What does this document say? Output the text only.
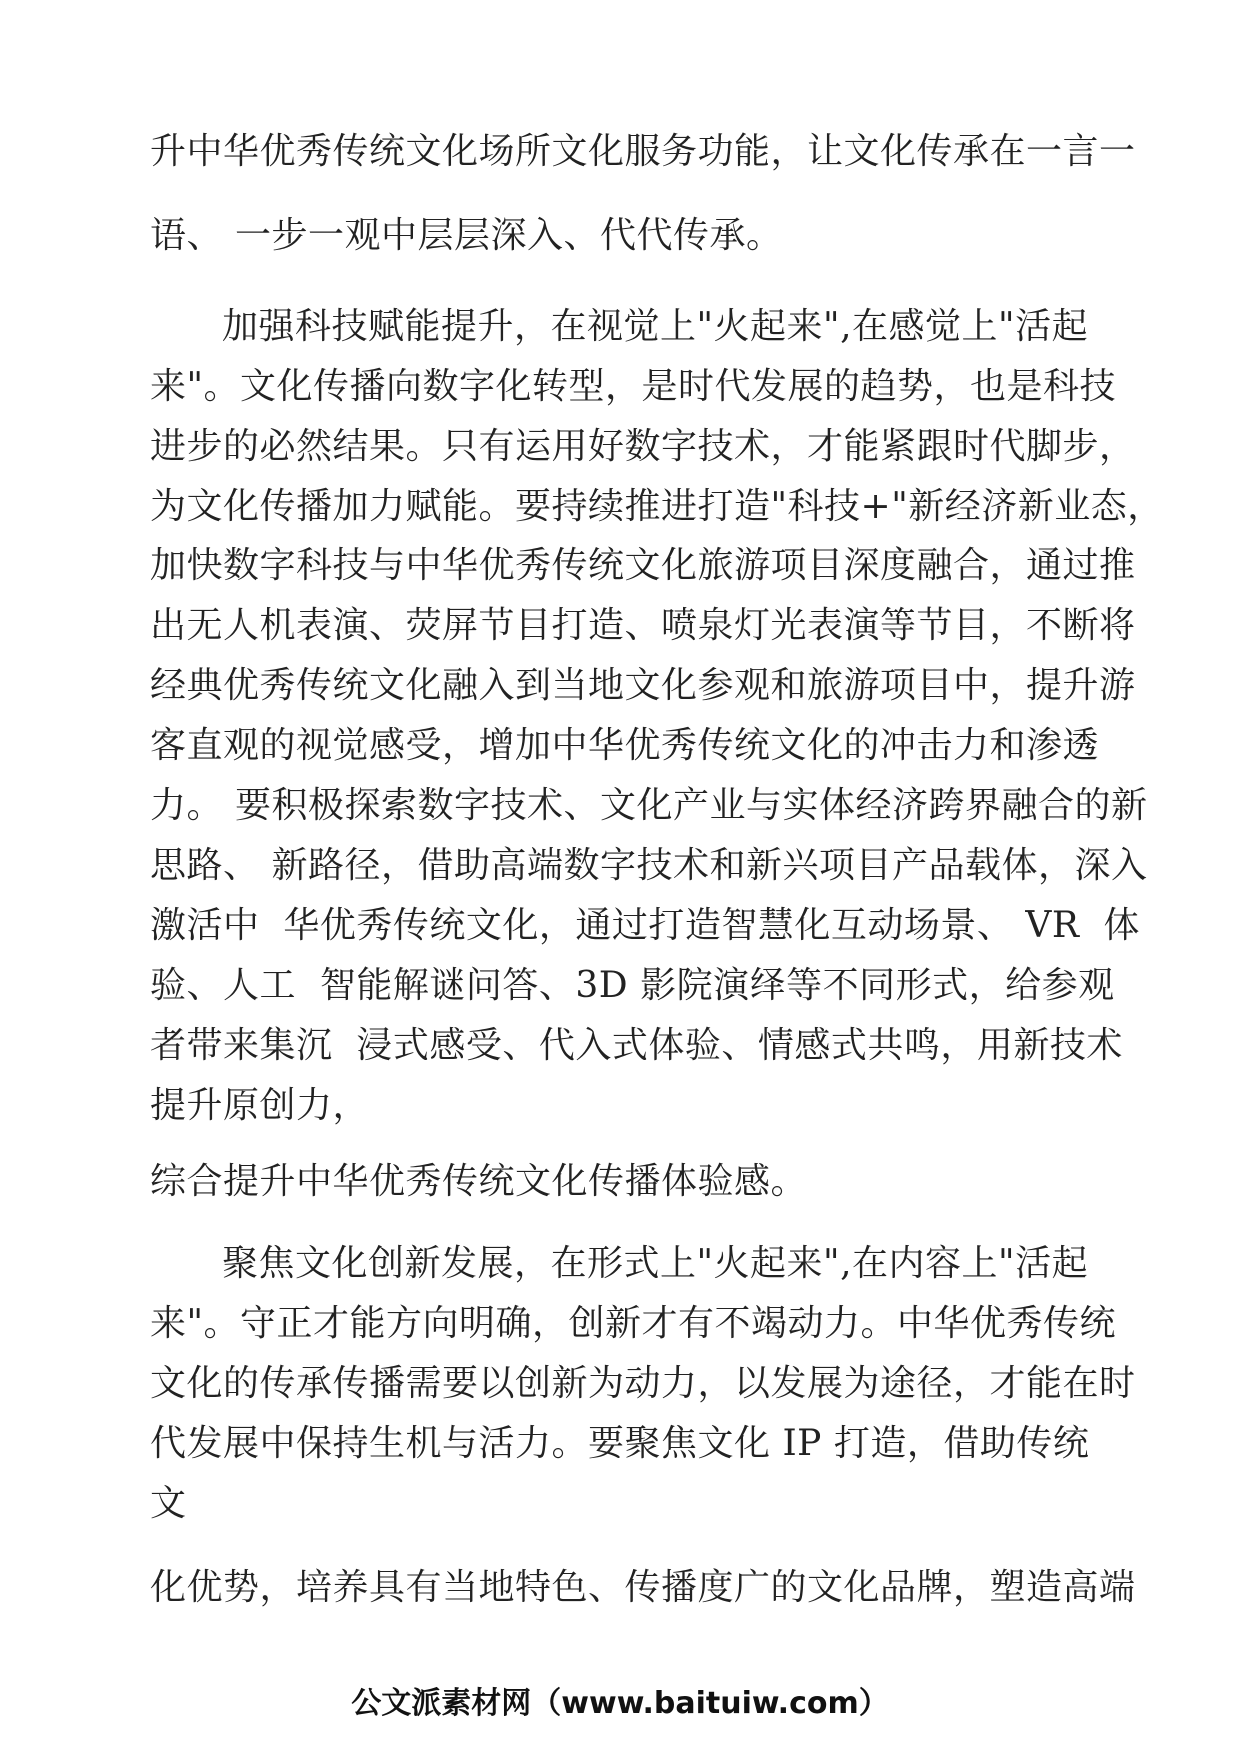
升中华优秀传统文化场所文化服务功能，让文化传承在一言一
语、 一步一观中层层深入、代代传承。
加强科技赋能提升，在视觉上"火起来",在感觉上"活起
来"。文化传播向数字化转型，是时代发展的趋势，也是科技
进步的必然结果。只有运用好数字技术，才能紧跟时代脚步，
为文化传播加力赋能。要持续推进打造"科技+"新经济新业态，
加快数字科技与中华优秀传统文化旅游项目深度融合，通过推
出无人机表演、荧屏节目打造、喷泉灯光表演等节目，不断将
经典优秀传统文化融入到当地文化参观和旅游项目中，提升游
客直观的视觉感受，增加中华优秀传统文化的冲击力和渗透
力。 要积极探索数字技术、文化产业与实体经济跨界融合的新
思路、 新路径，借助高端数字技术和新兴项目产品载体，深入
激活中  华优秀传统文化，通过打造智慧化互动场景、 VR  体
验、人工  智能解谜问答、3D 影院演绎等不同形式，给参观
者带来集沉  浸式感受、代入式体验、情感式共鸣，用新技术
提升原创力，
综合提升中华优秀传统文化传播体验感。
聚焦文化创新发展，在形式上"火起来",在内容上"活起
来"。守正才能方向明确，创新才有不竭动力。中华优秀传统
文化的传承传播需要以创新为动力，以发展为途径，才能在时
代发展中保持生机与活力。要聚焦文化 IP 打造，借助传统
文
化优势，培养具有当地特色、传播度广的文化品牌，塑造高端
公文派素材网（www.baituiw.com）
